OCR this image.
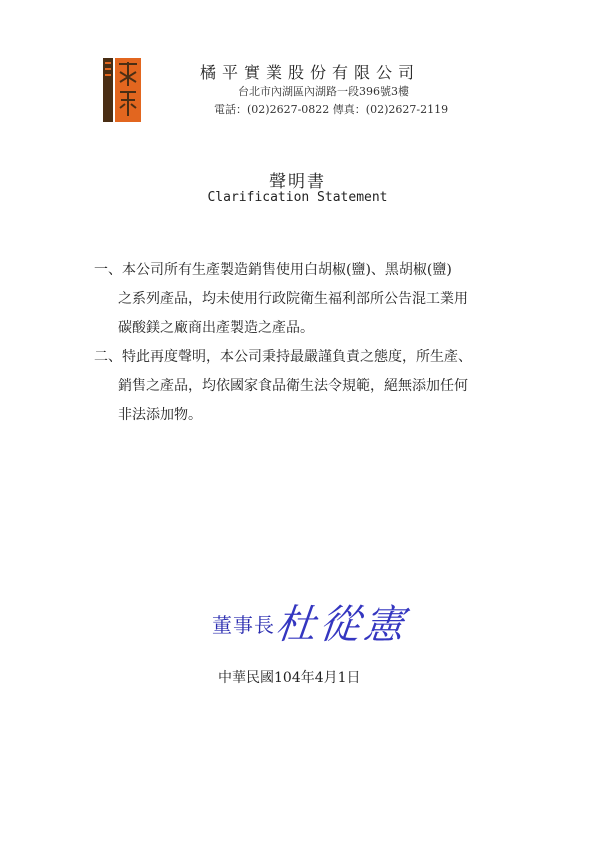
橘平實業股份有限公司
台北市內湖區內湖路一段396號3樓
電話：(02)2627-0822 傳真：(02)2627-2119
聲明書
Clarification Statement
一、本公司所有生產製造銷售使用白胡椒(鹽)、黑胡椒(鹽)
之系列產品，均未使用行政院衛生福利部所公告混工業用
碳酸鎂之廠商出產製造之產品。
二、特此再度聲明，本公司秉持最嚴謹負責之態度，所生產、
銷售之產品，均依國家食品衛生法令規範，絕無添加任何
非法添加物。
董事長
杜從憲
中華民國104年4月1日
